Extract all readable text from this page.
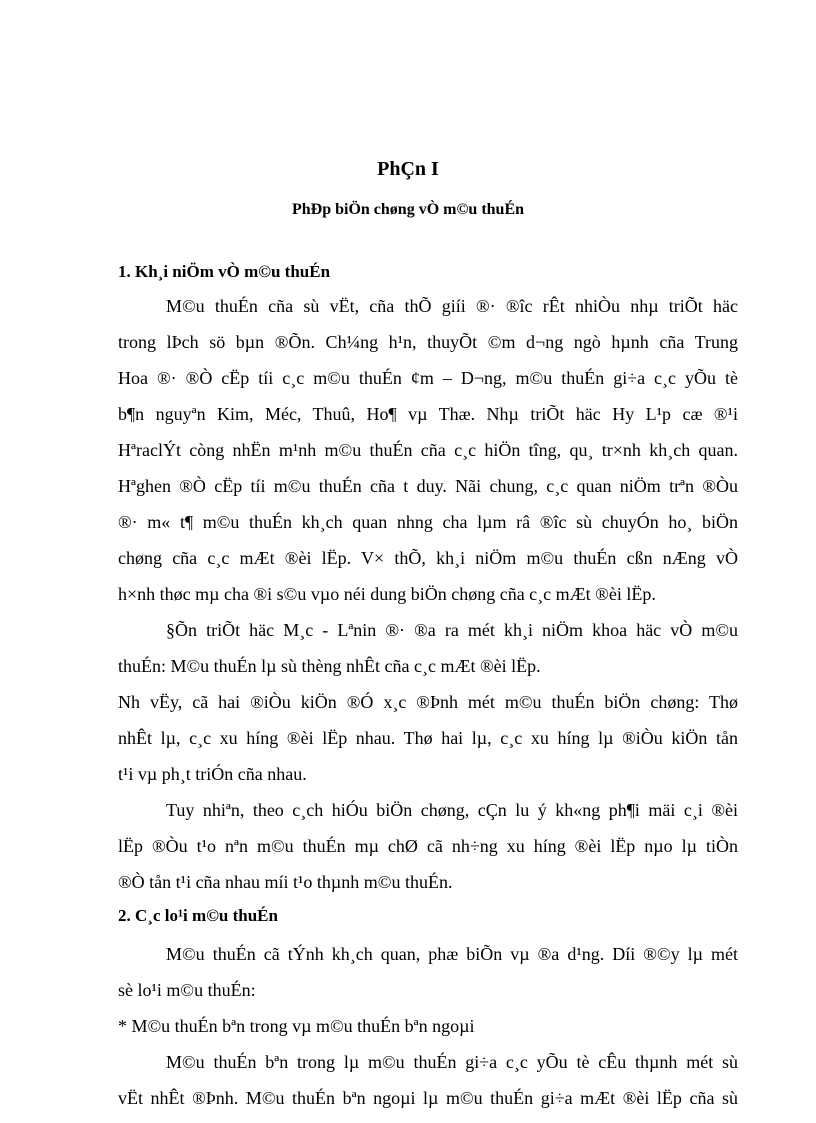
PhÇn I
PhÐp biÖn chøng vÒ m©u thuÉn
1. Kh¸i niÖm vÒ m©u thuÉn
M©u thuÉn cña sù vËt, cña thÕ giíi ®· ®îc rÊt nhiÒu nhµ triÕt häc
trong lÞch sö bµn ®Õn. Ch¼ng h¹n, thuyÕt ©m d¬ng ngò hµnh cña Trung
Hoa ®· ®Ò cËp tíi c¸c m©u thuÉn ¢m – D¬ng, m©u thuÉn gi÷a c¸c yÕu tè
b¶n nguyªn Kim, Méc, Thuû, Ho¶ vµ Thæ. Nhµ triÕt häc Hy L¹p cæ ®¹i
HªraclÝt còng nhËn m¹nh m©u thuÉn cña c¸c hiÖn tîng, qu¸ tr×nh kh¸ch quan.
Hªghen ®Ò cËp tíi m©u thuÉn cña t duy. Nãi chung, c¸c quan niÖm trªn ®Òu
®· m« t¶ m©u thuÉn kh¸ch quan nhng cha lµm râ ®îc sù chuyÓn ho¸ biÖn
chøng cña c¸c mÆt ®èi lËp. V× thÕ, kh¸i niÖm m©u thuÉn cßn nÆng vÒ
h×nh thøc mµ cha ®i s©u vµo néi dung biÖn chøng cña c¸c mÆt ®èi lËp.
§Õn triÕt häc M¸c - Lªnin ®· ®a ra mét kh¸i niÖm khoa häc vÒ m©u
thuÉn: M©u thuÉn lµ sù thèng nhÊt cña c¸c mÆt ®èi lËp.
Nh vËy, cã hai ®iÒu kiÖn ®Ó x¸c ®Þnh mét m©u thuÉn biÖn chøng: Thø
nhÊt lµ, c¸c xu híng ®èi lËp nhau. Thø hai lµ, c¸c xu híng lµ ®iÒu kiÖn tån
t¹i vµ ph¸t triÓn cña nhau.
Tuy nhiªn, theo c¸ch hiÓu biÖn chøng, cÇn lu ý kh«ng ph¶i mäi c¸i ®èi
lËp ®Òu t¹o nªn m©u thuÉn mµ chØ cã nh÷ng xu híng ®èi lËp nµo lµ tiÒn
®Ò tån t¹i cña nhau míi t¹o thµnh m©u thuÉn.
2. C¸c lo¹i m©u thuÉn
M©u thuÉn cã tÝnh kh¸ch quan, phæ biÕn vµ ®a d¹ng. Díi ®©y lµ mét
sè lo¹i m©u thuÉn:
* M©u thuÉn bªn trong vµ m©u thuÉn bªn ngoµi
M©u thuÉn bªn trong lµ m©u thuÉn gi÷a c¸c yÕu tè cÊu thµnh mét sù
vËt nhÊt ®Þnh. M©u thuÉn bªn ngoµi lµ m©u thuÉn gi÷a mÆt ®èi lËp cña sù
